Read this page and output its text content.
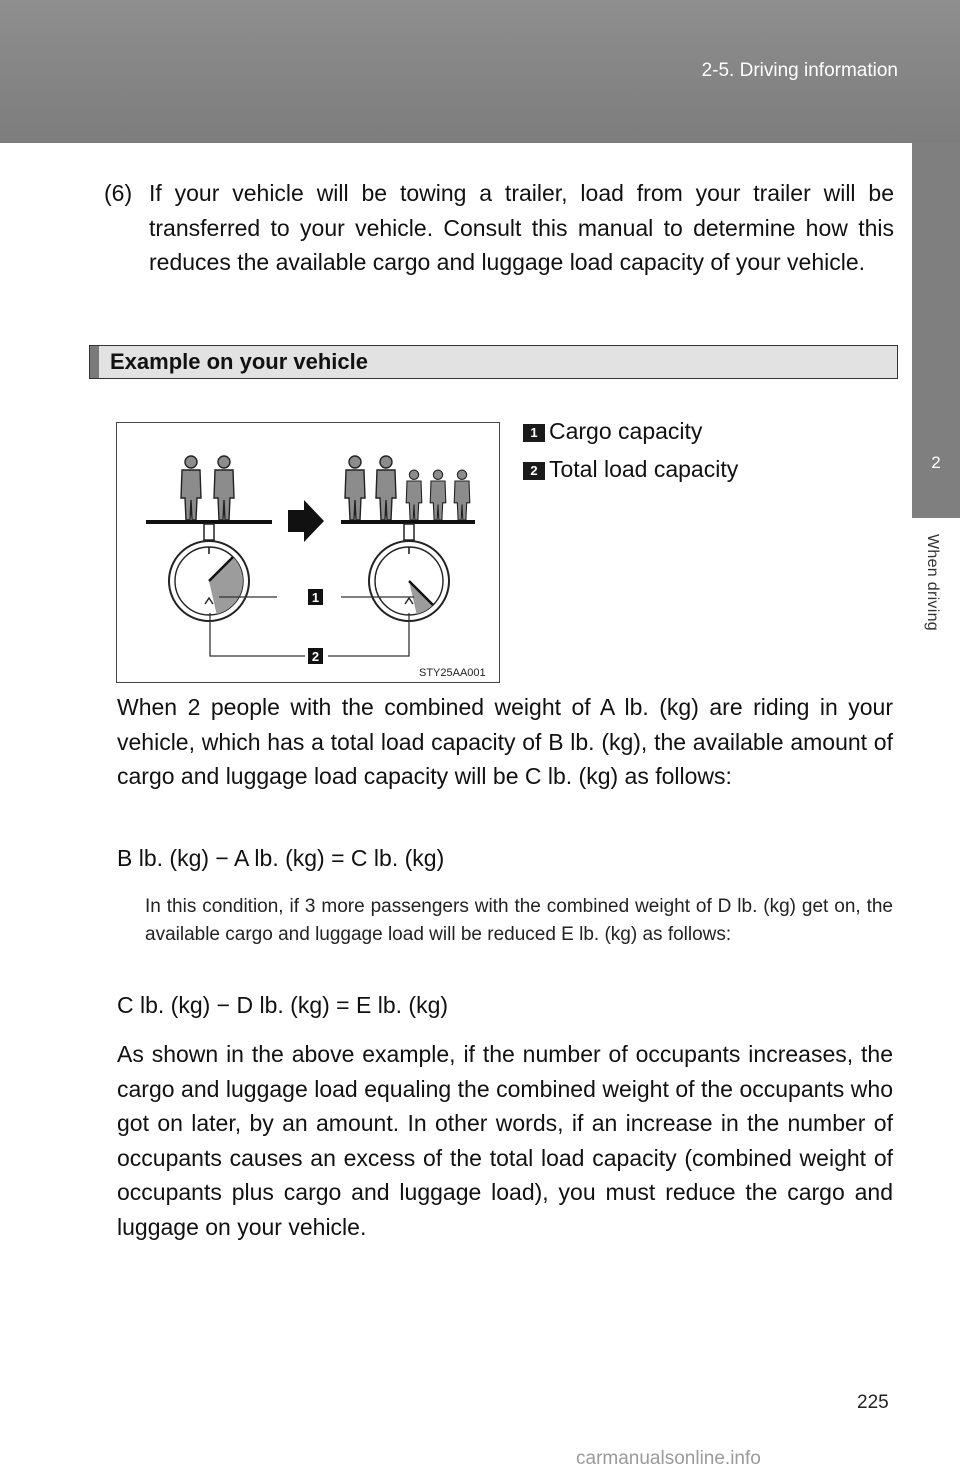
2-5. Driving information
2
When driving
(6) If your vehicle will be towing a trailer, load from your trailer will be transferred to your vehicle. Consult this manual to determine how this reduces the available cargo and luggage load capacity of your vehicle.
Example on your vehicle
1
2
STY25AA001
1 Cargo capacity
2 Total load capacity
When 2 people with the combined weight of A lb. (kg) are riding in your vehicle, which has a total load capacity of B lb. (kg), the available amount of cargo and luggage load capacity will be C lb. (kg) as follows:
B lb. (kg) − A lb. (kg) = C lb. (kg)
In this condition, if 3 more passengers with the combined weight of D lb. (kg) get on, the available cargo and luggage load will be reduced E lb. (kg) as follows:
C lb. (kg) − D lb. (kg) = E lb. (kg)
As shown in the above example, if the number of occupants increases, the cargo and luggage load equaling the combined weight of the occupants who got on later, by an amount. In other words, if an increase in the number of occupants causes an excess of the total load capacity (combined weight of occupants plus cargo and luggage load), you must reduce the cargo and luggage on your vehicle.
225
carmanualsonline.info
